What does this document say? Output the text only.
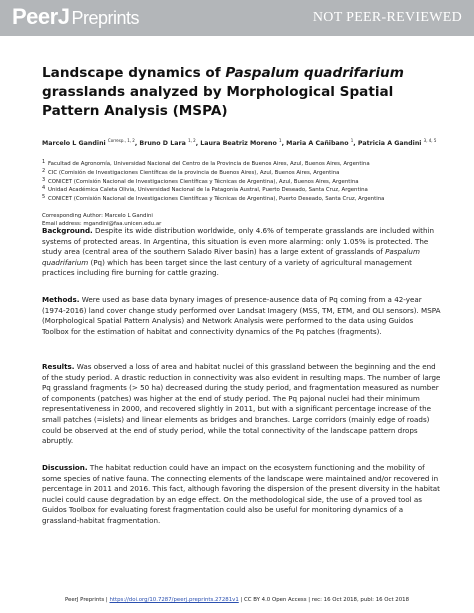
PeerJ Preprints	NOT PEER-REVIEWED
Landscape dynamics of Paspalum quadrifarium grasslands analyzed by Morphological Spatial Pattern Analysis (MSPA)
Marcelo L Gandini $^{Corresp., 1, 2}$, Bruno D Lara $^{1, 2}$, Laura Beatriz Moreno $^1$, Maria A Cañibano $^1$, Patricia A Gandini $^{3, 4, 5}$
1 Facultad de Agronomía, Universidad Nacional del Centro de la Provincia de Buenos Aires, Azul, Buenos Aires, Argentina
2 CIC (Comisión de Investigaciones Científicas de la provincia de Buenos Aires), Azul, Buenos Aires, Argentina
3 CONICET (Comisión Nacional de Investigaciones Científicas y Técnicas de Argentina), Azul, Buenos Aires, Argentina
4 Unidad Académica Caleta Olivia, Universidad Nacional de la Patagonia Austral, Puerto Deseado, Santa Cruz, Argentina
5 CONICET (Comisión Nacional de Investigaciones Científicas y Técnicas de Argentina), Puerto Deseado, Santa Cruz, Argentina
Corresponding Author: Marcelo L Gandini
Email address: mgandini@faa.unicen.edu.ar

Background. Despite its wide distribution worldwide, only 4.6% of temperate grasslands are included within systems of protected areas. In Argentina, this situation is even more alarming: only 1.05% is protected. The study area (central area of the southern Salado River basin) has a large extent of grasslands of Paspalum quadrifarium (Pq) which has been target since the last century of a variety of agricultural management practices including fire burning for cattle grazing.

Methods. Were used as base data bynary images of presence-ausence data of Pq coming from a 42-year (1974-2016) land cover change study performed over Landsat Imagery (MSS, TM, ETM, and OLI sensors). MSPA (Morphological Spatial Pattern Analysis) and Network Analysis were performed to the data using Guidos Toolbox for the estimation of habitat and connectivity dynamics of the Pq patches (fragments).

Results. Was observed a loss of area and habitat nuclei of this grassland between the beginning and the end of the study period. A drastic reduction in connectivity was also evident in resulting maps. The number of large Pq grassland fragments (> 50 ha) decreased during the study period, and fragmentation measured as number of components (patches) was higher at the end of study period. The Pq pajonal nuclei had their minimum representativeness in 2000, and recovered slightly in 2011, but with a significant percentage increase of the small patches (=islets) and linear elements as bridges and branches. Large corridors (mainly edge of roads) could be observed at the end of study period, while the total connectivity of the landscape pattern drops abruptly.

Discussion. The habitat reduction could have an impact on the ecosystem functioning and the mobility of some species of native fauna. The connecting elements of the landscape were maintained and/or recovered in percentage in 2011 and 2016. This fact, although favoring the dispersion of the present diversity in the habitat nuclei could cause degradation by an edge effect. On the methodological side, the use of a proved tool as Guidos Toolbox for evaluating forest fragmentation could also be useful for monitoring dynamics of a grassland-habitat fragmentation.

PeerJ Preprints | https://doi.org/10.7287/peerj.preprints.27281v1 | CC BY 4.0 Open Access | rec: 16 Oct 2018, publ: 16 Oct 2018
